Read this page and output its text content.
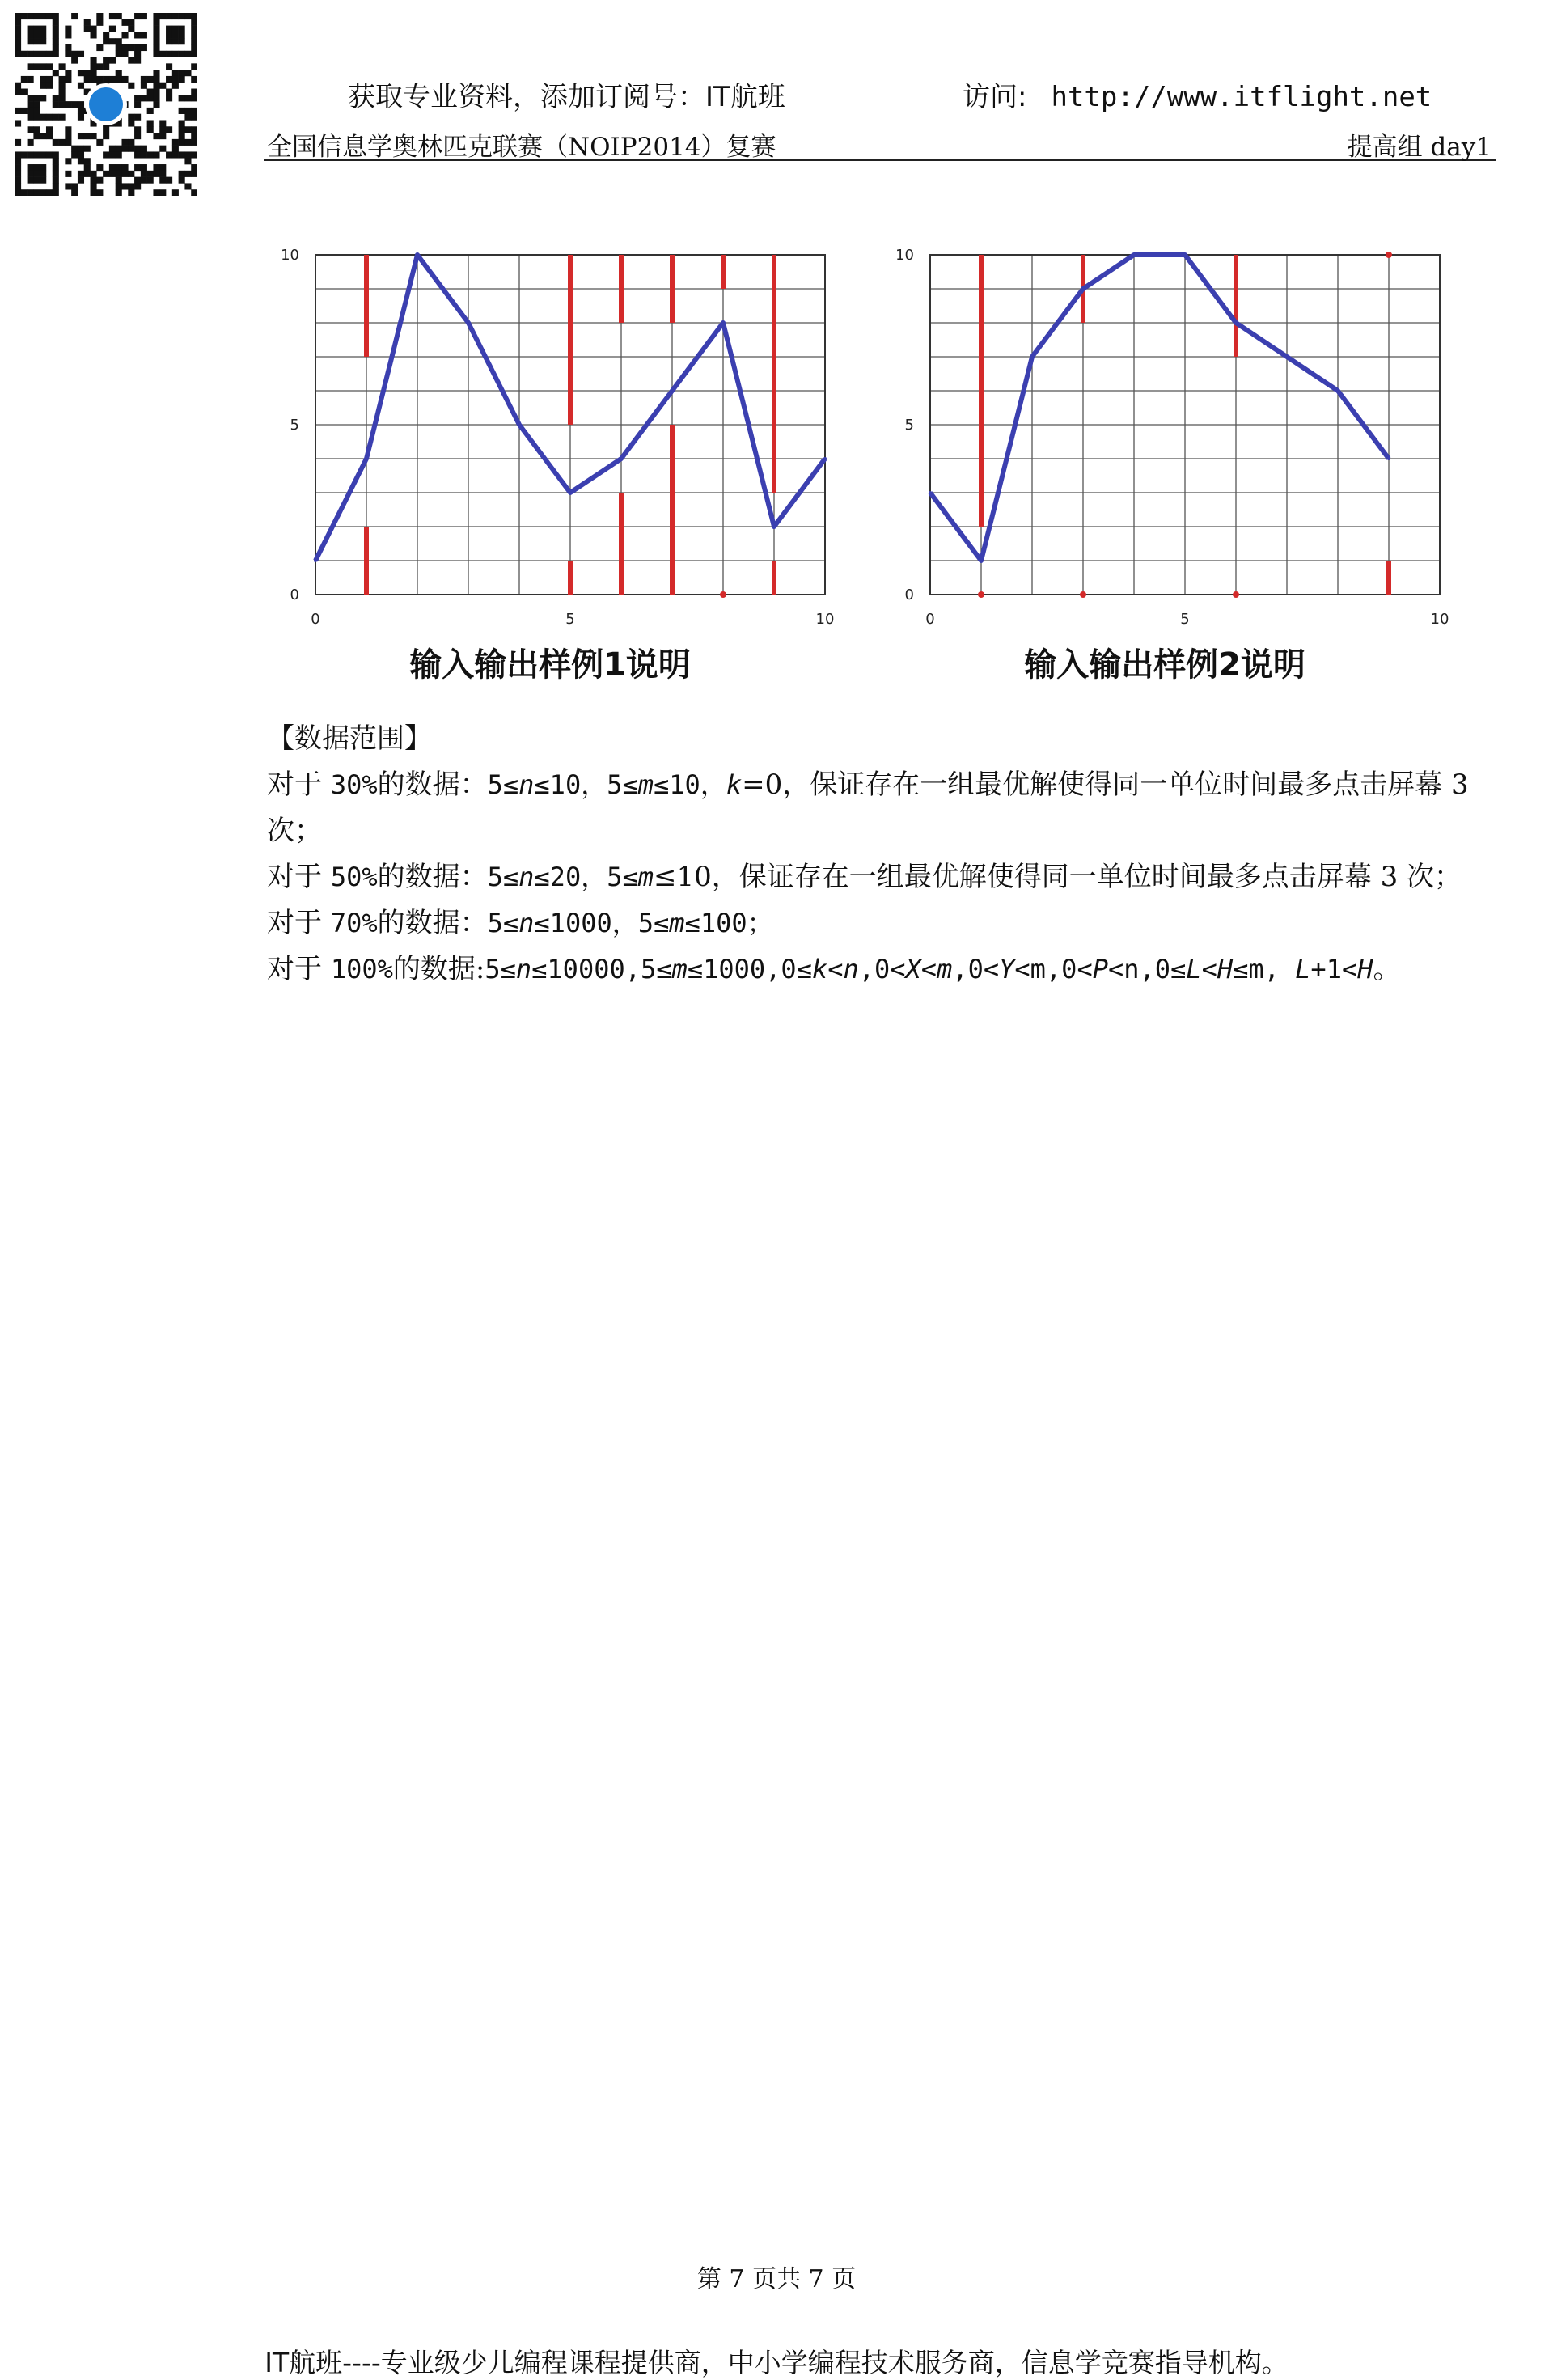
获取专业资料，添加订阅号：IT航班	访问: http://www.itflight.net
全国信息学奥林匹克联赛（NOIP2014）复赛	提高组 day1
0	5	10
0
5
10
输入输出样例1说明
0	5	10
0
5
10
输入输出样例2说明

【数据范围】

对于 30%的数据：5≤n≤10，5≤m≤10，k=0，保证存在一组最优解使得同一单位时间最多点击屏幕 3 次；

对于 50%的数据：5≤n≤20，5≤m≤10，保证存在一组最优解使得同一单位时间最多点击屏幕 3 次；

对于 70%的数据：5≤n≤1000，5≤m≤100；

对于 100%的数据:5≤n≤10000,5≤m≤1000,0≤k<n,0<X<m,0<Y<m,0<P<n,0≤L<H≤m, L+1<H。

第 7 页共 7 页
IT航班----专业级少儿编程课程提供商，中小学编程技术服务商，信息学竞赛指导机构。
